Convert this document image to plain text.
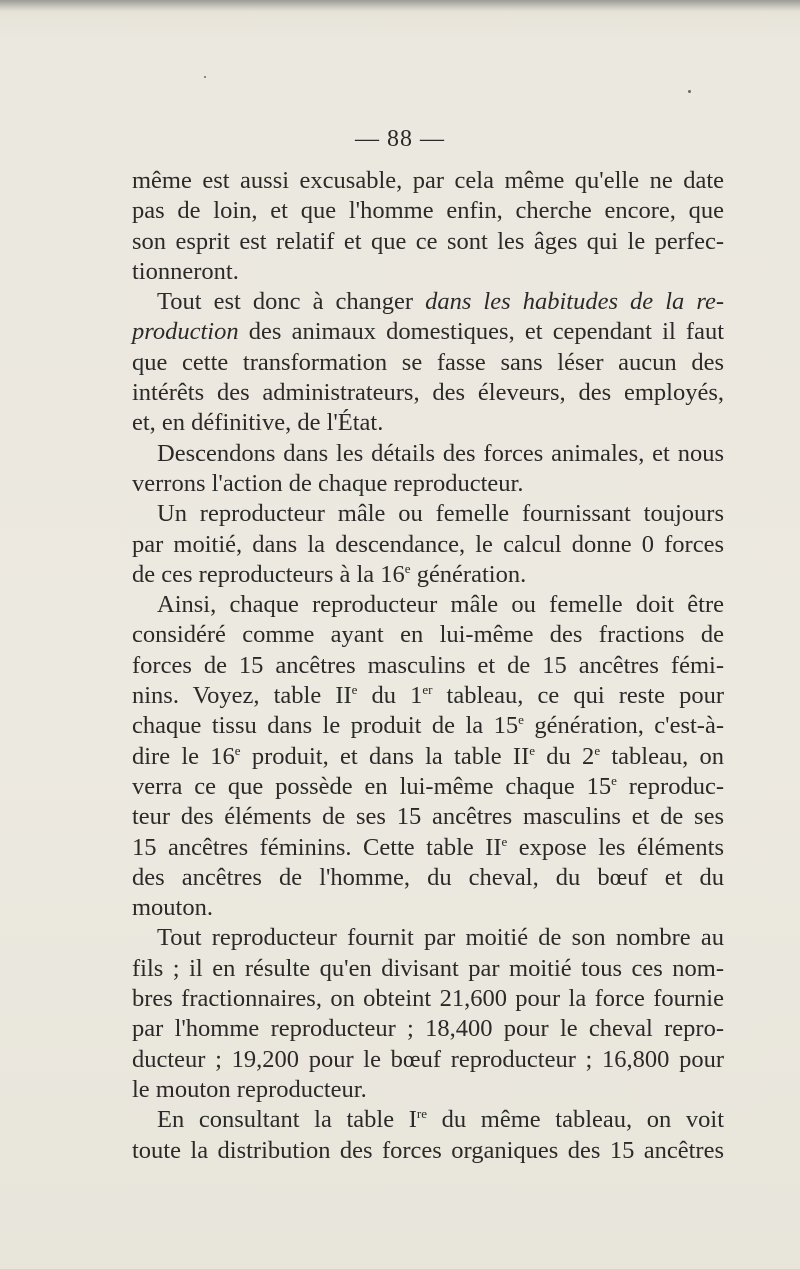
— 88 —
même est aussi excusable, par cela même qu'elle ne date
pas de loin, et que l'homme enfin, cherche encore, que
son esprit est relatif et que ce sont les âges qui le perfec-
tionneront.
Tout est donc à changer dans les habitudes de la re-
production des animaux domestiques, et cependant il faut
que cette transformation se fasse sans léser aucun des
intérêts des administrateurs, des éleveurs, des employés,
et, en définitive, de l'État.
Descendons dans les détails des forces animales, et nous
verrons l'action de chaque reproducteur.
Un reproducteur mâle ou femelle fournissant toujours
par moitié, dans la descendance, le calcul donne 0 forces
de ces reproducteurs à la 16e génération.
Ainsi, chaque reproducteur mâle ou femelle doit être
considéré comme ayant en lui-même des fractions de
forces de 15 ancêtres masculins et de 15 ancêtres fémi-
nins. Voyez, table IIe du 1er tableau, ce qui reste pour
chaque tissu dans le produit de la 15e génération, c'est-à-
dire le 16e produit, et dans la table IIe du 2e tableau, on
verra ce que possède en lui-même chaque 15e reproduc-
teur des éléments de ses 15 ancêtres masculins et de ses
15 ancêtres féminins. Cette table IIe expose les éléments
des ancêtres de l'homme, du cheval, du bœuf et du
mouton.
Tout reproducteur fournit par moitié de son nombre au
fils ; il en résulte qu'en divisant par moitié tous ces nom-
bres fractionnaires, on obteint 21,600 pour la force fournie
par l'homme reproducteur ; 18,400 pour le cheval repro-
ducteur ; 19,200 pour le bœuf reproducteur ; 16,800 pour
le mouton reproducteur.
En consultant la table Ire du même tableau, on voit
toute la distribution des forces organiques des 15 ancêtres
